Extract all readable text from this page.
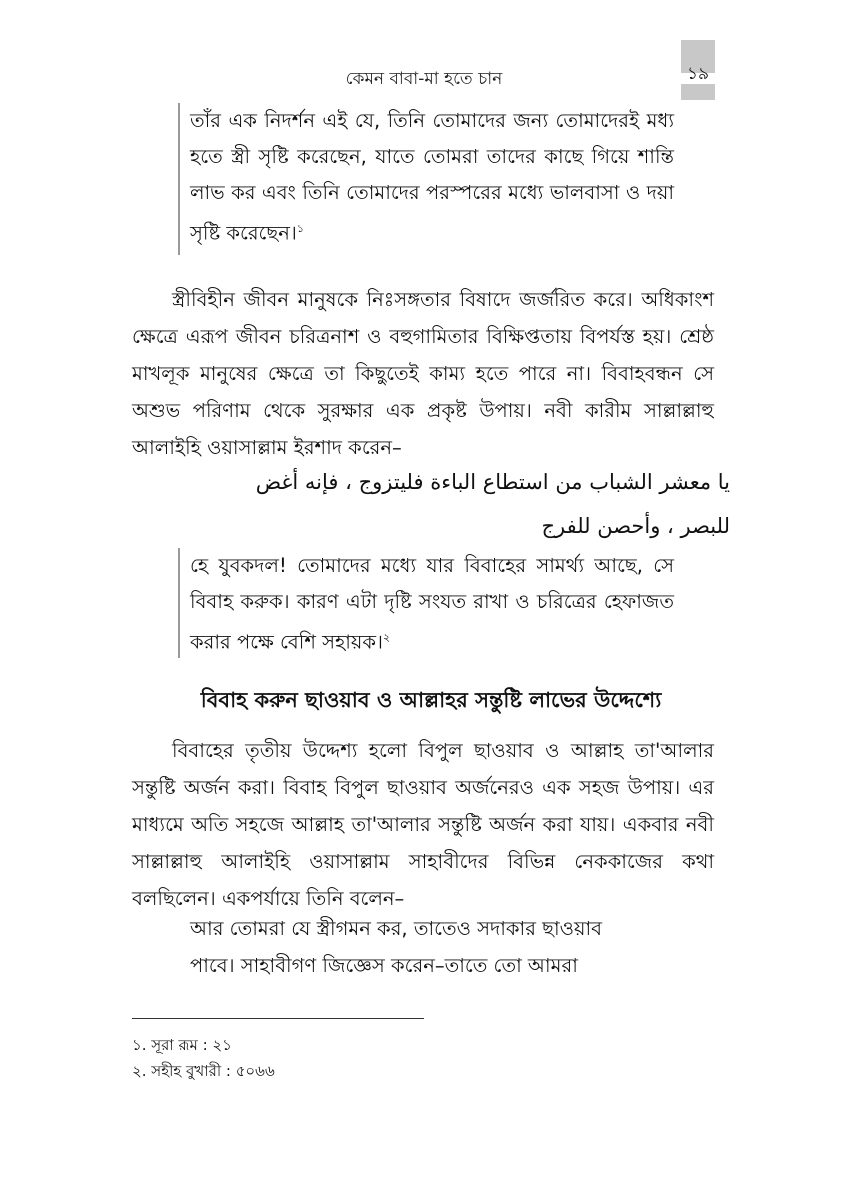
১৯
কেমন বাবা-মা হতে চান

তাঁর এক নিদর্শন এই যে, তিনি তোমাদের জন্য তোমাদেরই মধ্য হতে স্ত্রী সৃষ্টি করেছেন, যাতে তোমরা তাদের কাছে গিয়ে শান্তি লাভ কর এবং তিনি তোমাদের পরস্পরের মধ্যে ভালবাসা ও দয়া সৃষ্টি করেছেন।$^১$

স্ত্রীবিহীন জীবন মানুষকে নিঃসঙ্গতার বিষাদে জর্জরিত করে। অধিকাংশ ক্ষেত্রে এরূপ জীবন চরিত্রনাশ ও বহুগামিতার বিক্ষিপ্ততায় বিপর্যস্ত হয়। শ্রেষ্ঠ মাখলূক মানুষের ক্ষেত্রে তা কিছুতেই কাম্য হতে পারে না। বিবাহবন্ধন সে অশুভ পরিণাম থেকে সুরক্ষার এক প্রকৃষ্ট উপায়। নবী কারীম সাল্লাল্লাহু আলাইহি ওয়াসাল্লাম ইরশাদ করেন–

يا معشر الشباب من استطاع الباءة فليتزوج ، فإنه أغض

للبصر ، وأحصن للفرج

হে যুবকদল! তোমাদের মধ্যে যার বিবাহের সামর্থ্য আছে, সে বিবাহ করুক। কারণ এটা দৃষ্টি সংযত রাখা ও চরিত্রের হেফাজত করার পক্ষে বেশি সহায়ক।$^২$

বিবাহ করুন ছাওয়াব ও আল্লাহর সন্তুষ্টি লাভের উদ্দেশ্যে

বিবাহের তৃতীয় উদ্দেশ্য হলো বিপুল ছাওয়াব ও আল্লাহ তা'আলার সন্তুষ্টি অর্জন করা। বিবাহ বিপুল ছাওয়াব অর্জনেরও এক সহজ উপায়। এর মাধ্যমে অতি সহজে আল্লাহ তা'আলার সন্তুষ্টি অর্জন করা যায়। একবার নবী সাল্লাল্লাহু আলাইহি ওয়াসাল্লাম সাহাবীদের বিভিন্ন নেককাজের কথা বলছিলেন। একপর্যায়ে তিনি বলেন–

আর তোমরা যে স্ত্রীগমন কর, তাতেও সদাকার ছাওয়াব

পাবে। সাহাবীগণ জিজ্ঞেস করেন–তাতে তো আমরা

১. সূরা রূম : ২১
২. সহীহ বুখারী : ৫০৬৬
